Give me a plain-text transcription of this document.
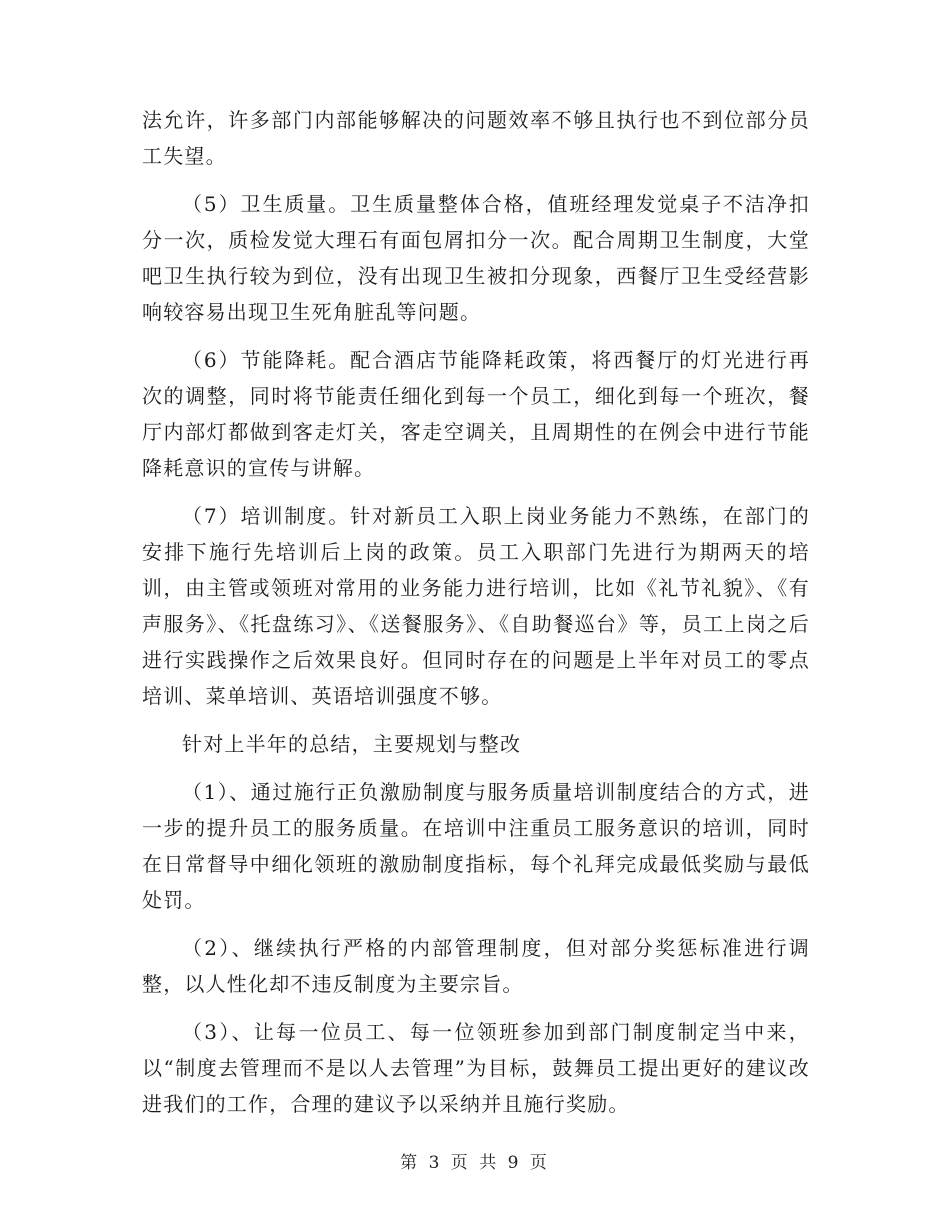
法允许，许多部门内部能够解决的问题效率不够且执行也不到位部分员工失望。

（5）卫生质量。卫生质量整体合格，值班经理发觉桌子不洁净扣分一次，质检发觉大理石有面包屑扣分一次。配合周期卫生制度，大堂吧卫生执行较为到位，没有出现卫生被扣分现象，西餐厅卫生受经营影响较容易出现卫生死角脏乱等问题。

（6）节能降耗。配合酒店节能降耗政策，将西餐厅的灯光进行再次的调整，同时将节能责任细化到每一个员工，细化到每一个班次，餐厅内部灯都做到客走灯关，客走空调关，且周期性的在例会中进行节能降耗意识的宣传与讲解。

（7）培训制度。针对新员工入职上岗业务能力不熟练，在部门的安排下施行先培训后上岗的政策。员工入职部门先进行为期两天的培训，由主管或领班对常用的业务能力进行培训，比如《礼节礼貌》、《有声服务》、《托盘练习》、《送餐服务》、《自助餐巡台》等，员工上岗之后进行实践操作之后效果良好。但同时存在的问题是上半年对员工的零点培训、菜单培训、英语培训强度不够。

针对上半年的总结，主要规划与整改

（1）、通过施行正负激励制度与服务质量培训制度结合的方式，进一步的提升员工的服务质量。在培训中注重员工服务意识的培训，同时在日常督导中细化领班的激励制度指标，每个礼拜完成最低奖励与最低处罚。

（2）、继续执行严格的内部管理制度，但对部分奖惩标准进行调整，以人性化却不违反制度为主要宗旨。

（3）、让每一位员工、每一位领班参加到部门制度制定当中来，以“制度去管理而不是以人去管理”为目标，鼓舞员工提出更好的建议改进我们的工作，合理的建议予以采纳并且施行奖励。

第 3 页 共 9 页
